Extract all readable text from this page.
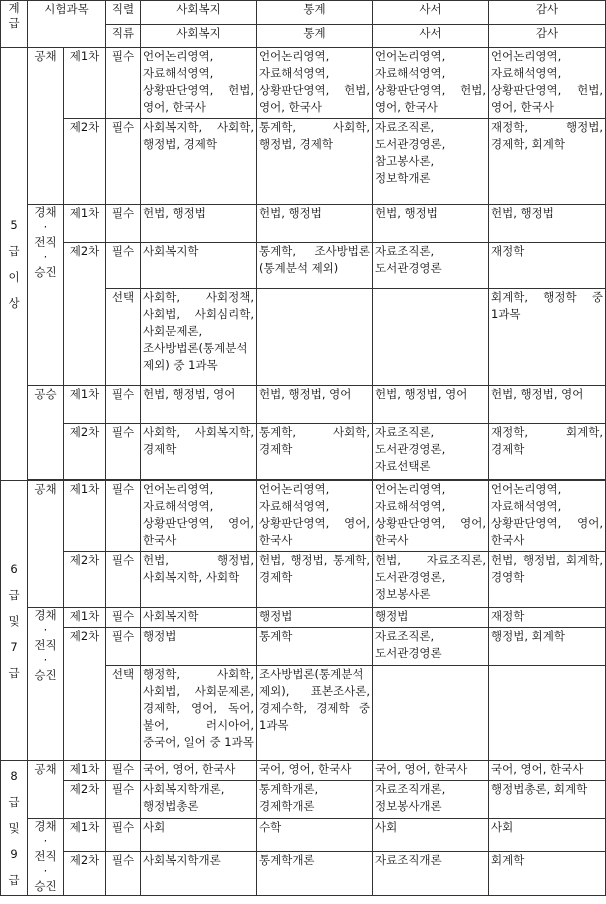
계급	시험과목		직렬	사회복지	통계	사서	감사
			직류	사회복지	통계	사서	감사

5
급
이
상	공채	제1차	필수	언어논리영역, 자료해석영역, 상황판단영역, 헌법, 영어, 한국사	언어논리영역, 자료해석영역, 상황판단영역, 헌법, 영어, 한국사	언어논리영역, 자료해석영역, 상황판단영역, 헌법, 영어, 한국사	언어논리영역, 자료해석영역, 상황판단영역, 헌법, 영어, 한국사
		제2차	필수	사회복지학, 사회학, 행정법, 경제학	통계학, 사회학, 행정법, 경제학	자료조직론, 도서관경영론, 참고봉사론, 정보학개론	재정학, 행정법, 경제학, 회계학

	경채
·
전직
·
승진	제1차	필수	헌법, 행정법	헌법, 행정법	헌법, 행정법	헌법, 행정법
		제2차	필수	사회복지학	통계학, 조사방법론(통계분석 제외)	자료조직론, 도서관경영론	재정학
			선택	사회학, 사회정책, 사회법, 사회심리학, 사회문제론, 조사방법론(통계분석 제외) 중 1과목			회계학, 행정학 중 1과목
	공승	제1차	필수	헌법, 행정법, 영어	헌법, 행정법, 영어	헌법, 행정법, 영어	헌법, 행정법, 영어
		제2차	필수	사회학, 사회복지학, 경제학	통계학, 사회학, 경제학	자료조직론, 도서관경영론, 자료선택론	재정학, 회계학, 경제학

6
급
및
7
급	공채	제1차	필수	언어논리영역, 자료해석영역, 상황판단영역, 영어, 한국사	언어논리영역, 자료해석영역, 상황판단영역, 영어, 한국사	언어논리영역, 자료해석영역, 상황판단영역, 영어, 한국사	언어논리영역, 자료해석영역, 상황판단영역, 영어, 한국사
		제2차	필수	헌법, 행정법, 사회복지학, 사회학	헌법, 행정법, 통계학, 경제학	헌법, 자료조직론, 도서관경영론, 정보봉사론	헌법, 행정법, 회계학, 경영학

	경채
·
전직
·
승진	제1차	필수	사회복지학	행정법	행정법	재정학
		제2차	필수	행정법	통계학	자료조직론, 도서관경영론	행정법, 회계학
			선택	행정학, 사회학, 사회법, 사회문제론, 경제학, 영어, 독어, 불어, 러시아어, 중국어, 일어 중 1과목	조사방법론(통계분석 제외), 표본조사론, 경제수학, 경제학 중 1과목		

8
급
및
9
급	공채	제1차	필수	국어, 영어, 한국사	국어, 영어, 한국사	국어, 영어, 한국사	국어, 영어, 한국사
		제2차	필수	사회복지학개론, 행정법총론	통계학개론, 경제학개론	자료조직개론, 정보봉사개론	행정법총론, 회계학

	경채
·
전직
·
승진	제1차	필수	사회	수학	사회	사회
		제2차	필수	사회복지학개론	통계학개론	자료조직개론	회계학
